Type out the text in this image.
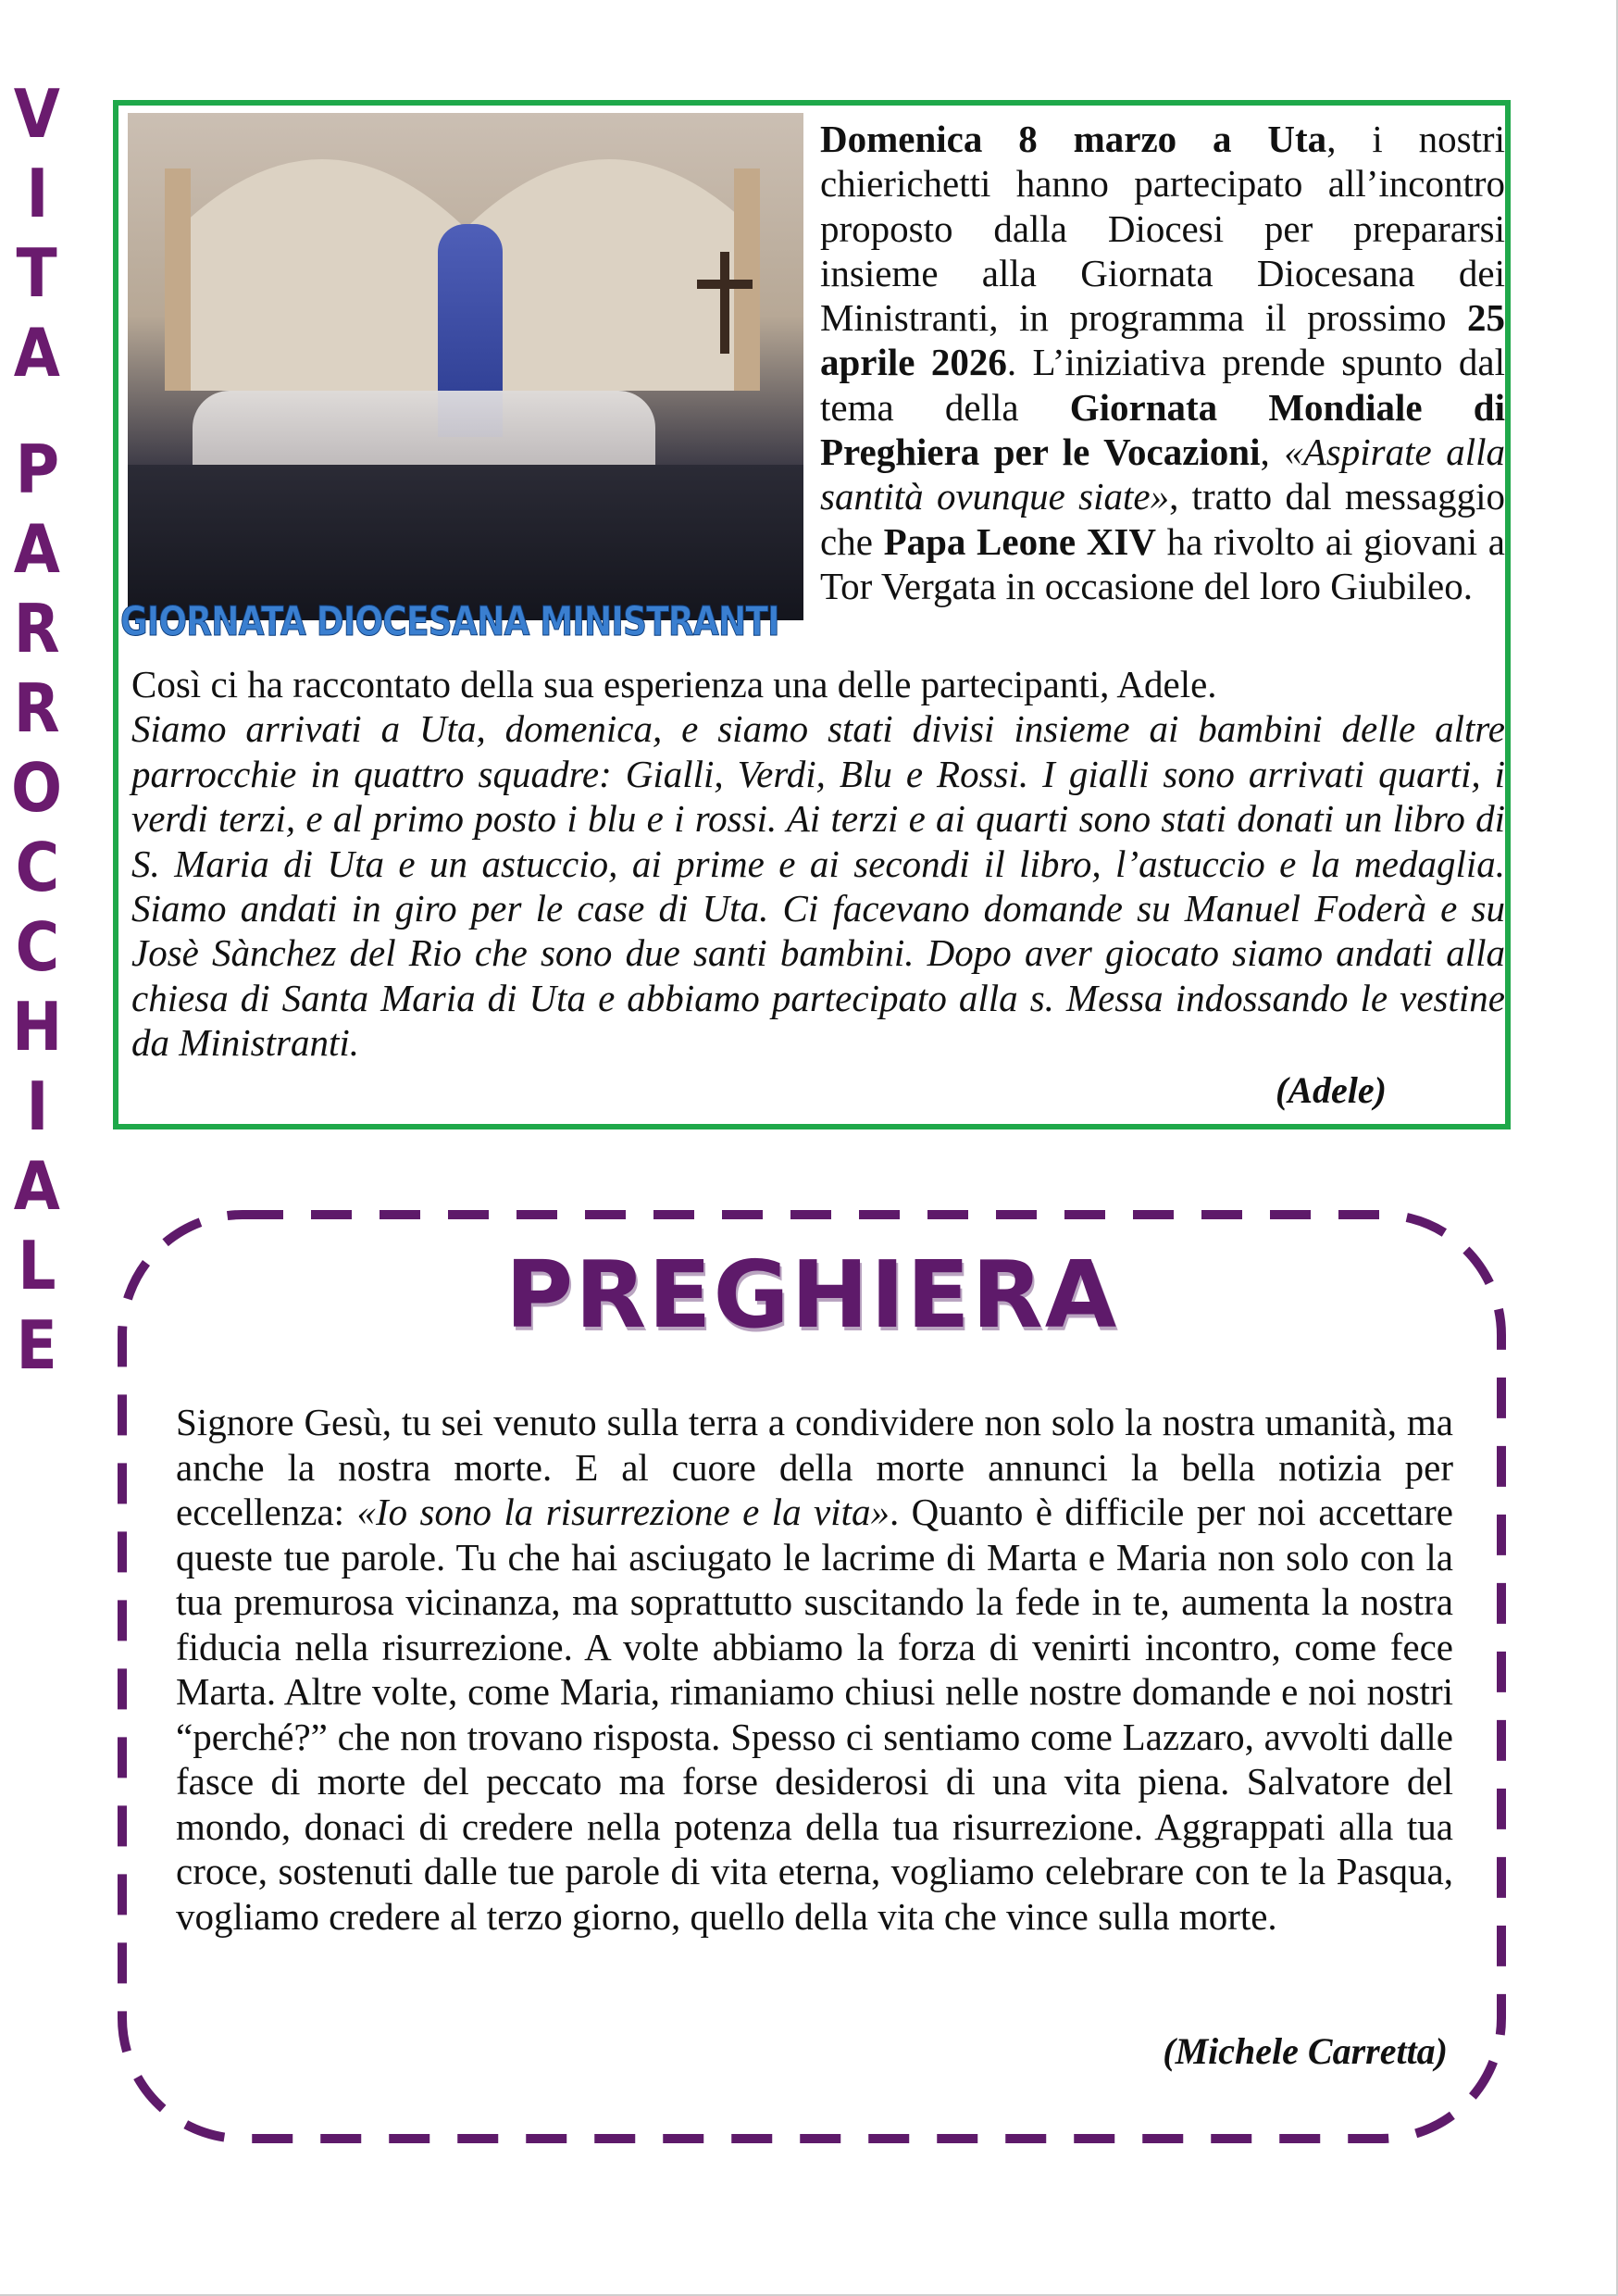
V
I
T
A
P
A
R
R
O
C
C
H
I
A
L
E
GIORNATA DIOCESANA MINISTRANTI
Domenica 8 marzo a Uta, i nostri chierichetti hanno partecipato all’incontro proposto dalla Diocesi per prepararsi insieme alla Giornata Diocesana dei Ministranti, in programma il prossimo 25 aprile 2026. L’iniziativa prende spunto dal tema della Giornata Mondiale di Preghiera per le Vocazioni, «Aspirate alla santità ovunque siate», tratto dal messaggio che Papa Leone XIV ha rivolto ai giovani a Tor Vergata in occasione del loro Giubileo.

Così ci ha raccontato della sua esperienza una delle partecipanti, Adele.

Siamo arrivati a Uta, domenica, e siamo stati divisi insieme ai bambini delle altre parrocchie in quattro squadre: Gialli, Verdi, Blu e Rossi. I gialli sono arrivati quarti, i verdi terzi, e al primo posto i blu e i rossi. Ai terzi e ai quarti sono stati donati un libro di S. Maria di Uta e un astuccio, ai prime e ai secondi il libro, l’astuccio e la medaglia. Siamo andati in giro per le case di Uta. Ci facevano domande su Manuel Foderà e su Josè Sànchez del Rio che sono due santi bambini. Dopo aver giocato siamo andati alla chiesa di Santa Maria di Uta e abbiamo partecipato alla s. Messa indossando le vestine da Ministranti.

(Adele)
PREGHIERA
Signore Gesù, tu sei venuto sulla terra a condividere non solo la nostra umanità, ma anche la nostra morte. E al cuore della morte annunci la bella notizia per eccellenza: «Io sono la risurrezione e la vita». Quanto è difficile per noi accettare queste tue parole. Tu che hai asciugato le lacrime di Marta e Maria non solo con la tua premurosa vicinanza, ma soprattutto suscitando la fede in te, aumenta la nostra fiducia nella risurrezione. A volte abbiamo la forza di venirti incontro, come fece Marta. Altre volte, come Maria, rimaniamo chiusi nelle nostre domande e noi nostri “perché?” che non trovano risposta. Spesso ci sentiamo come Lazzaro, avvolti dalle fasce di morte del peccato ma forse desiderosi di una vita piena. Salvatore del mondo, donaci di credere nella potenza della tua risurrezione. Aggrappati alla tua croce, sostenuti dalle tue parole di vita eterna, vogliamo celebrare con te la Pasqua, vogliamo credere al terzo giorno, quello della vita che vince sulla morte.
(Michele Carretta)
